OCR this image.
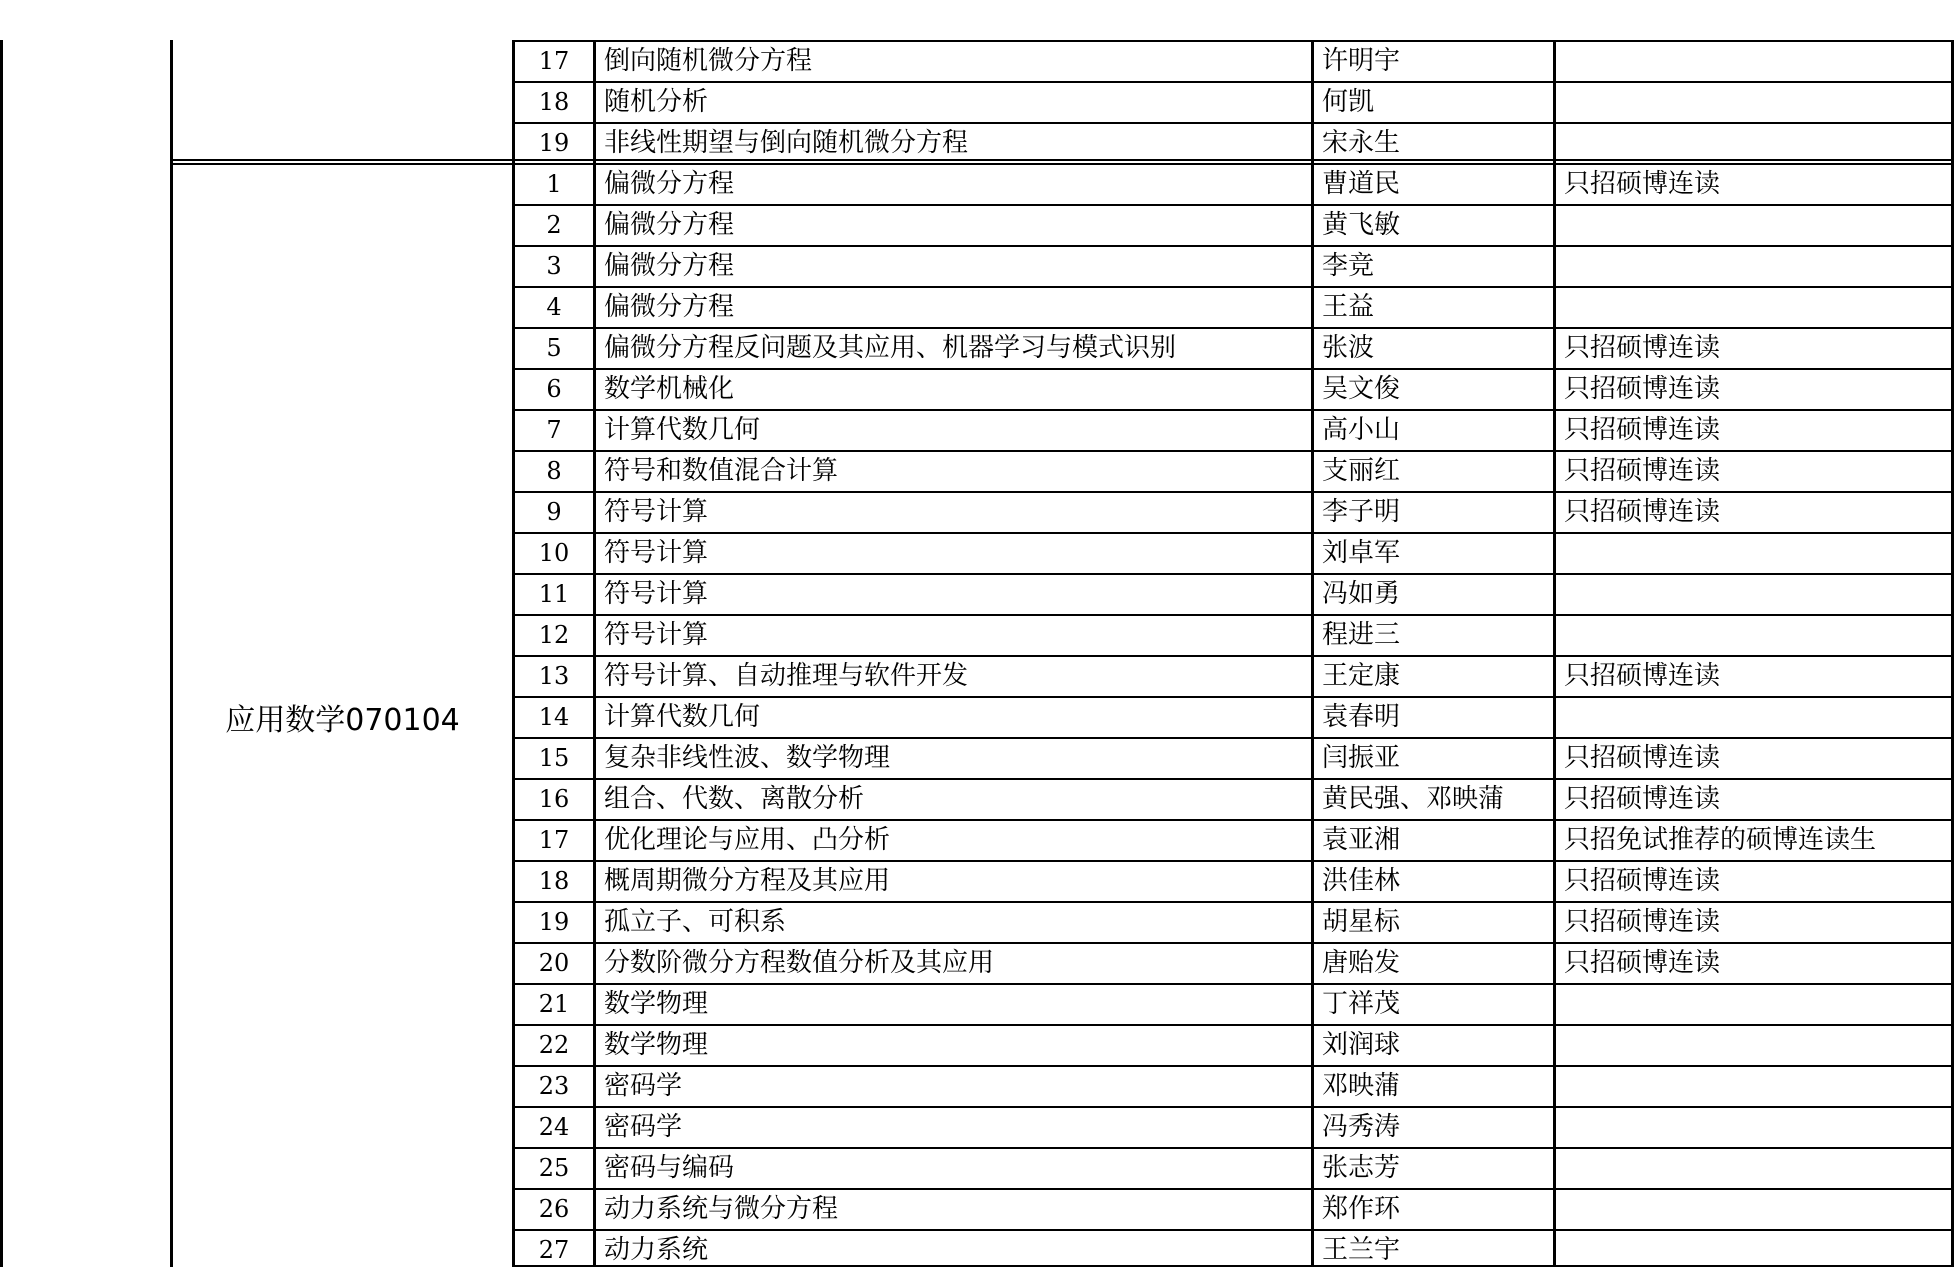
17	倒向随机微分方程	许明宇
18	随机分析	何凯
19	非线性期望与倒向随机微分方程	宋永生
1	偏微分方程	曹道民	只招硕博连读
2	偏微分方程	黄飞敏
3	偏微分方程	李竞
4	偏微分方程	王益
5	偏微分方程反问题及其应用、机器学习与模式识别	张波	只招硕博连读
6	数学机械化	吴文俊	只招硕博连读
7	计算代数几何	高小山	只招硕博连读
8	符号和数值混合计算	支丽红	只招硕博连读
9	符号计算	李子明	只招硕博连读
10	符号计算	刘卓军
11	符号计算	冯如勇
12	符号计算	程进三
13	符号计算、自动推理与软件开发	王定康	只招硕博连读
14	计算代数几何	袁春明
15	复杂非线性波、数学物理	闫振亚	只招硕博连读
16	组合、代数、离散分析	黄民强、邓映蒲	只招硕博连读
17	优化理论与应用、凸分析	袁亚湘	只招免试推荐的硕博连读生
18	概周期微分方程及其应用	洪佳林	只招硕博连读
19	孤立子、可积系	胡星标	只招硕博连读
20	分数阶微分方程数值分析及其应用	唐贻发	只招硕博连读
21	数学物理	丁祥茂
22	数学物理	刘润球
23	密码学	邓映蒲
24	密码学	冯秀涛
25	密码与编码	张志芳
26	动力系统与微分方程	郑作环
27	动力系统	王兰宇
应用数学070104
